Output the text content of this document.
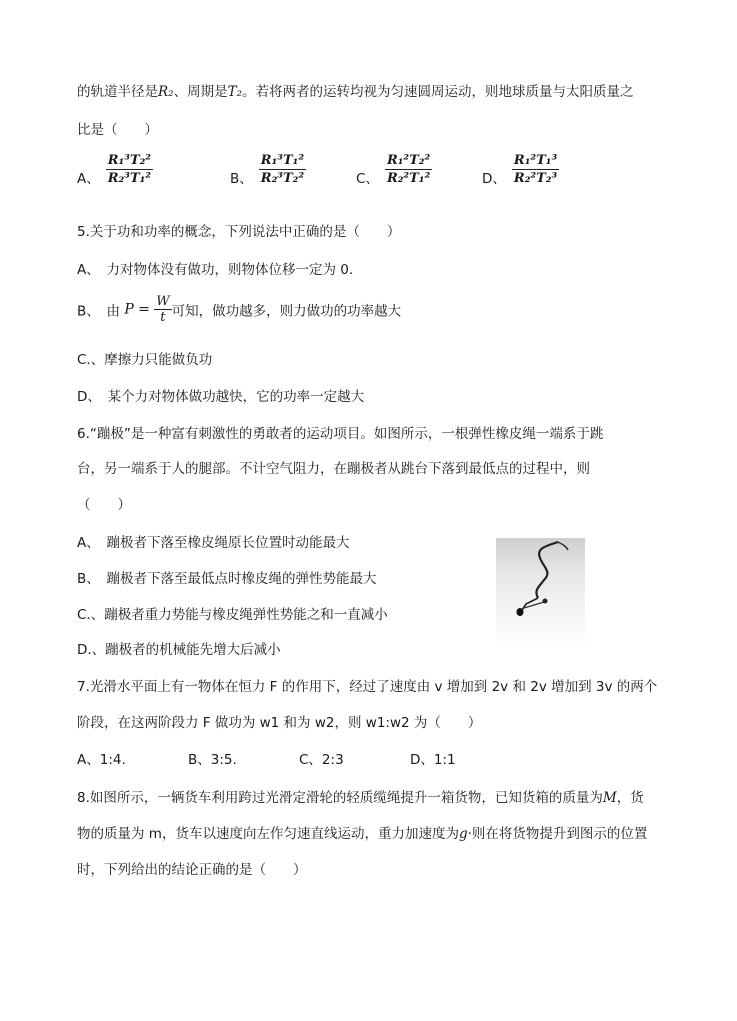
的轨道半径是R₂、周期是T₂。若将两者的运转均视为匀速圆周运动，则地球质量与太阳质量之
比是（　　）
A、 $\frac{\text{R₁³T₂²}}{\text{R₂³T₁²}}$	B、 $\frac{\text{R₁³T₁²}}{\text{R₂³T₂²}}$	C、 $\frac{\text{R₁²T₂²}}{\text{R₂²T₁²}}$	D、 $\frac{\text{R₁²T₁³}}{\text{R₂²T₂³}}$
5.关于功和功率的概念，下列说法中正确的是（　　）
A、　力对物体没有做功，则物体位移一定为 0.
B、　由 $P = \frac{W}{t}$ 可知，做功越多，则力做功的功率越大
C.、摩擦力只能做负功
D、　某个力对物体做功越快，它的功率一定越大
6.“蹦极”是一种富有刺激性的勇敢者的运动项目。如图所示，一根弹性橡皮绳一端系于跳
台，另一端系于人的腿部。不计空气阻力，在蹦极者从跳台下落到最低点的过程中，则
（　　）
A、　蹦极者下落至橡皮绳原长位置时动能最大
B、　蹦极者下落至最低点时橡皮绳的弹性势能最大
C.、蹦极者重力势能与橡皮绳弹性势能之和一直减小
D.、蹦极者的机械能先增大后减小
7.光滑水平面上有一物体在恒力 F 的作用下，经过了速度由 v 增加到 2v 和 2v 增加到 3v 的两个
阶段，在这两阶段力 F 做功为 w1 和为 w2，则 w1:w2 为（　　）
A、1:4.	B、3:5.	C、2:3	D、1:1
8.如图所示，一辆货车利用跨过光滑定滑轮的轻质缆绳提升一箱货物，已知货箱的质量为M，货
物的质量为 m，货车以速度向左作匀速直线运动，重力加速度为g·则在将货物提升到图示的位置
时，下列给出的结论正确的是（　　）
